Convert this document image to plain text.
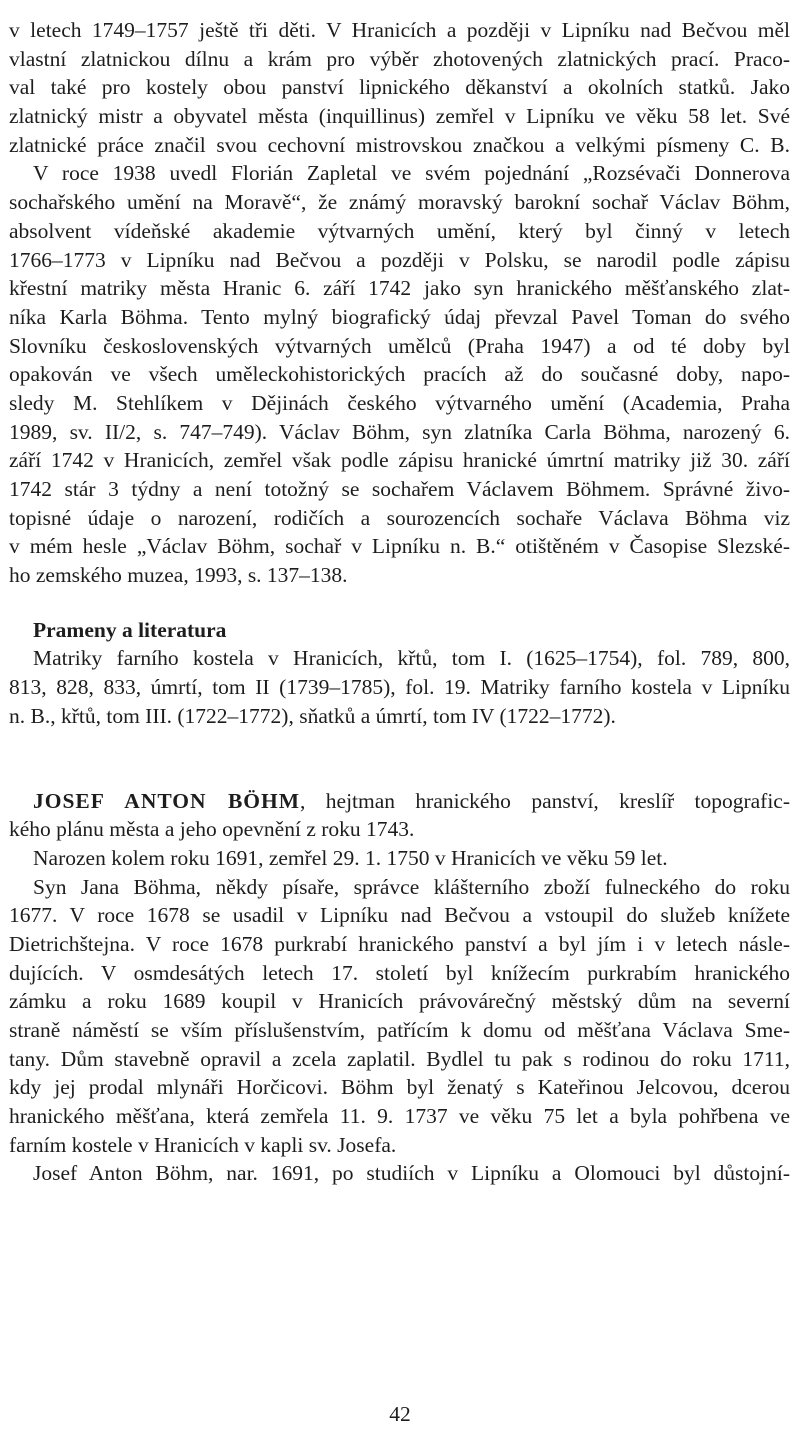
v letech 1749–1757 ještě tři děti. V Hranicích a později v Lipníku nad Bečvou měl
vlastní zlatnickou dílnu a krám pro výběr zhotovených zlatnických prací. Praco-
val také pro kostely obou panství lipnického děkanství a okolních statků. Jako
zlatnický mistr a obyvatel města (inquillinus) zemřel v Lipníku ve věku 58 let. Své
zlatnické práce značil svou cechovní mistrovskou značkou a velkými písmeny C. B.
V roce 1938 uvedl Florián Zapletal ve svém pojednání „Rozsévači Donnerova
sochařského umění na Moravě“, že známý moravský barokní sochař Václav Böhm,
absolvent vídeňské akademie výtvarných umění, který byl činný v letech
1766–1773 v Lipníku nad Bečvou a později v Polsku, se narodil podle zápisu
křestní matriky města Hranic 6. září 1742 jako syn hranického měšťanského zlat-
níka Karla Böhma. Tento mylný biografický údaj převzal Pavel Toman do svého
Slovníku československých výtvarných umělců (Praha 1947) a od té doby byl
opakován ve všech uměleckohistorických pracích až do současné doby, napo-
sledy M. Stehlíkem v Dějinách českého výtvarného umění (Academia, Praha
1989, sv. II/2, s. 747–749). Václav Böhm, syn zlatníka Carla Böhma, narozený 6.
září 1742 v Hranicích, zemřel však podle zápisu hranické úmrtní matriky již 30. září
1742 stár 3 týdny a není totožný se sochařem Václavem Böhmem. Správné živo-
topisné údaje o narození, rodičích a sourozencích sochaře Václava Böhma viz
v mém hesle „Václav Böhm, sochař v Lipníku n. B.“ otištěném v Časopise Slezské-
ho zemského muzea, 1993, s. 137–138.
Prameny a literatura
Matriky farního kostela v Hranicích, křtů, tom I. (1625–1754), fol. 789, 800,
813, 828, 833, úmrtí, tom II (1739–1785), fol. 19. Matriky farního kostela v Lipníku
n. B., křtů, tom III. (1722–1772), sňatků a úmrtí, tom IV (1722–1772).
JOSEF ANTON BÖHM, hejtman hranického panství, kreslíř topografic-
kého plánu města a jeho opevnění z roku 1743.
Narozen kolem roku 1691, zemřel 29. 1. 1750 v Hranicích ve věku 59 let.
Syn Jana Böhma, někdy písaře, správce klášterního zboží fulneckého do roku
1677. V roce 1678 se usadil v Lipníku nad Bečvou a vstoupil do služeb knížete
Dietrichštejna. V roce 1678 purkrabí hranického panství a byl jím i v letech násle-
dujících. V osmdesátých letech 17. století byl knížecím purkrabím hranického
zámku a roku 1689 koupil v Hranicích právovárečný městský dům na severní
straně náměstí se vším příslušenstvím, patřícím k domu od měšťana Václava Sme-
tany. Dům stavebně opravil a zcela zaplatil. Bydlel tu pak s rodinou do roku 1711,
kdy jej prodal mlynáři Horčicovi. Böhm byl ženatý s Kateřinou Jelcovou, dcerou
hranického měšťana, která zemřela 11. 9. 1737 ve věku 75 let a byla pohřbena ve
farním kostele v Hranicích v kapli sv. Josefa.
Josef Anton Böhm, nar. 1691, po studiích v Lipníku a Olomouci byl důstojní-
42
